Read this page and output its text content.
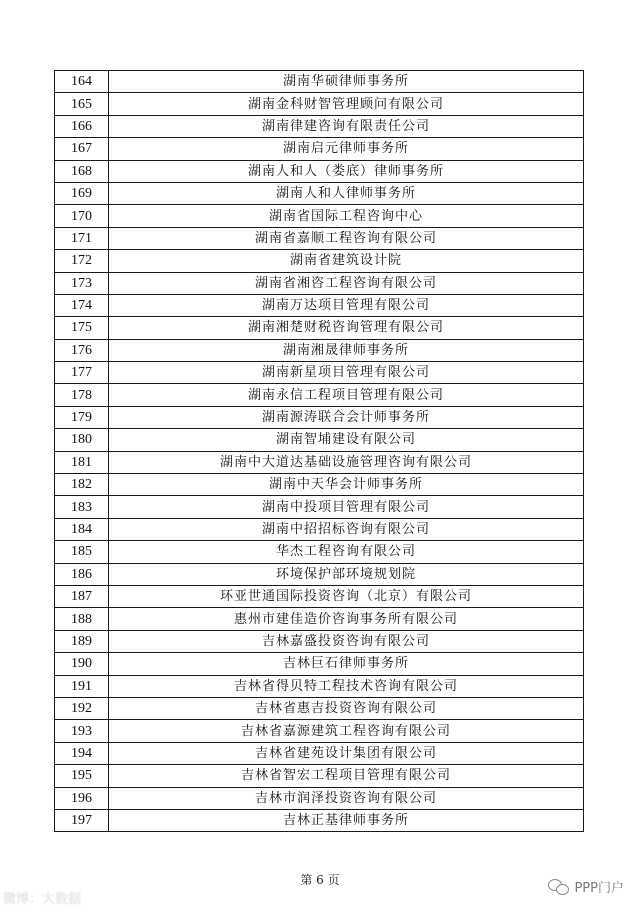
164	湖南华硕律师事务所
165	湖南金科财智管理顾问有限公司
166	湖南律建咨询有限责任公司
167	湖南启元律师事务所
168	湖南人和人（娄底）律师事务所
169	湖南人和人律师事务所
170	湖南省国际工程咨询中心
171	湖南省嘉顺工程咨询有限公司
172	湖南省建筑设计院
173	湖南省湘咨工程咨询有限公司
174	湖南万达项目管理有限公司
175	湖南湘楚财税咨询管理有限公司
176	湖南湘晟律师事务所
177	湖南新星项目管理有限公司
178	湖南永信工程项目管理有限公司
179	湖南源涛联合会计师事务所
180	湖南智埔建设有限公司
181	湖南中大道达基础设施管理咨询有限公司
182	湖南中天华会计师事务所
183	湖南中投项目管理有限公司
184	湖南中招招标咨询有限公司
185	华杰工程咨询有限公司
186	环境保护部环境规划院
187	环亚世通国际投资咨询（北京）有限公司
188	惠州市建佳造价咨询事务所有限公司
189	吉林嘉盛投资咨询有限公司
190	吉林巨石律师事务所
191	吉林省得贝特工程技术咨询有限公司
192	吉林省惠吉投资咨询有限公司
193	吉林省嘉源建筑工程咨询有限公司
194	吉林省建苑设计集团有限公司
195	吉林省智宏工程项目管理有限公司
196	吉林市润泽投资咨询有限公司
197	吉林正基律师事务所
第 6 页
微博：大数据
PPP门户
